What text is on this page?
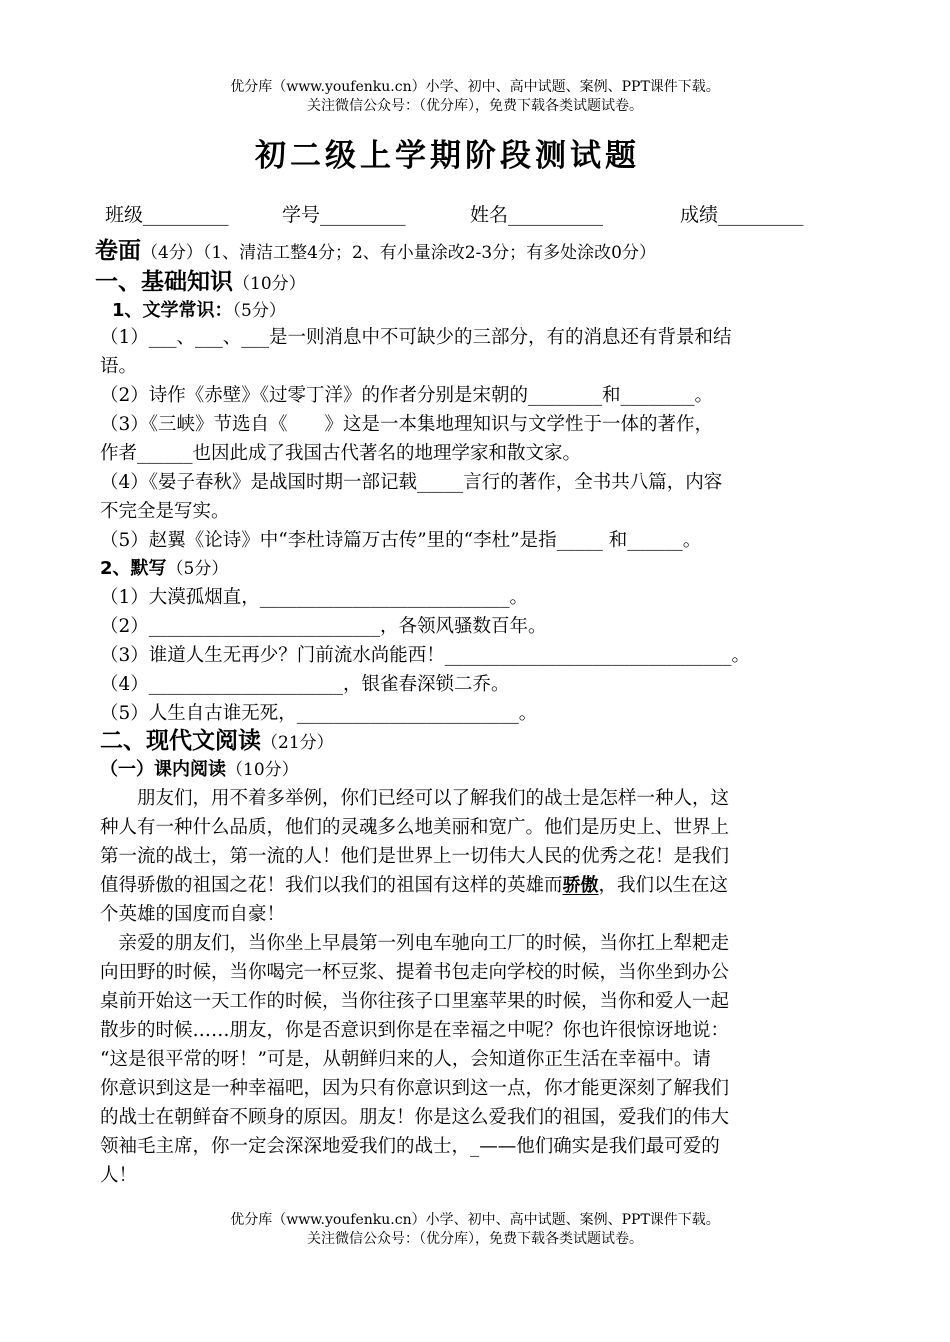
优分库（www.youfenku.cn）小学、初中、高中试题、案例、PPT课件下载。
关注微信公众号：（优分库），免费下载各类试题试卷。
初二级上学期阶段测试题
班级_________	学号_________	姓名__________	成绩_________
卷面（4分）（1、清洁工整4分；2、有小量涂改2-3分；有多处涂改0分）
一、基础知识（10分）
1、文学常识：（5分）
（1）___、___、___是一则消息中不可缺少的三部分，有的消息还有背景和结
语。
（2）诗作《赤壁》《过零丁洋》的作者分别是宋朝的________和________。
（3）《三峡》节选自《　　》这是一本集地理知识与文学性于一体的著作，
作者______也因此成了我国古代著名的地理学家和散文家。
（4）《晏子春秋》是战国时期一部记载_____言行的著作，全书共八篇，内容
不完全是写实。
（5）赵翼《论诗》中“李杜诗篇万古传”里的“李杜”是指_____ 和______。
2、默写（5分）
（1）大漠孤烟直，___________________________。
（2）_________________________，各领风骚数百年。
（3）谁道人生无再少？门前流水尚能西！_______________________________。
（4）_____________________，银雀春深锁二乔。
（5）人生自古谁无死，________________________。
二、现代文阅读（21分）
（一）课内阅读（10分）
　　朋友们，用不着多举例，你们已经可以了解我们的战士是怎样一种人，这
种人有一种什么品质，他们的灵魂多么地美丽和宽广。他们是历史上、世界上
第一流的战士，第一流的人！他们是世界上一切伟大人民的优秀之花！是我们
值得骄傲的祖国之花！我们以我们的祖国有这样的英雄而骄傲，我们以生在这
个英雄的国度而自豪！
　亲爱的朋友们，当你坐上早晨第一列电车驰向工厂的时候，当你扛上犁耙走
向田野的时候，当你喝完一杯豆浆、提着书包走向学校的时候，当你坐到办公
桌前开始这一天工作的时候，当你往孩子口里塞苹果的时候，当你和爱人一起
散步的时候……朋友，你是否意识到你是在幸福之中呢？你也许很惊讶地说：
“这是很平常的呀！”可是，从朝鲜归来的人，会知道你正生活在幸福中。请
你意识到这是一种幸福吧，因为只有你意识到这一点，你才能更深刻了解我们
的战士在朝鲜奋不顾身的原因。朋友！你是这么爱我们的祖国，爱我们的伟大
领袖毛主席，你一定会深深地爱我们的战士，_——他们确实是我们最可爱的
人！
优分库（www.youfenku.cn）小学、初中、高中试题、案例、PPT课件下载。
关注微信公众号：（优分库），免费下载各类试题试卷。
